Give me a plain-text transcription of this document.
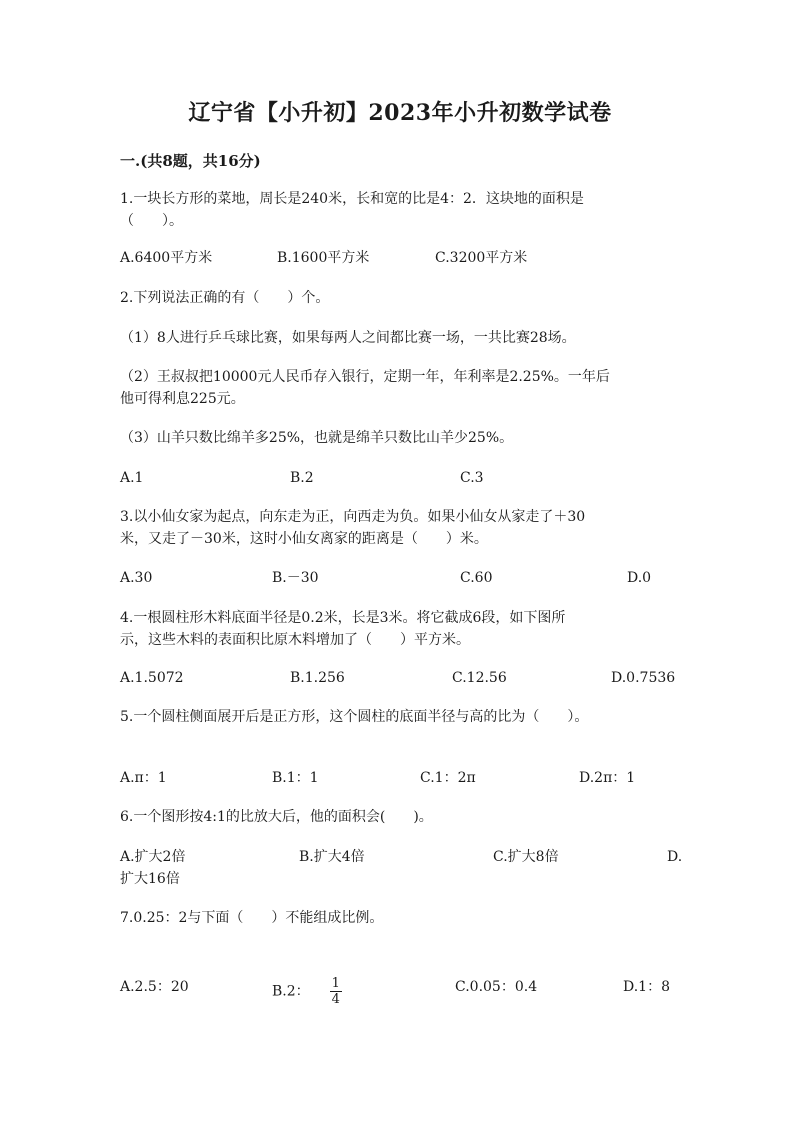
辽宁省【小升初】2023年小升初数学试卷
一.(共8题，共16分)
1.一块长方形的菜地，周长是240米，长和宽的比是4：2．这块地的面积是
（　　）。
A.6400平方米	B.1600平方米	C.3200平方米
2.下列说法正确的有（　　）个。
（1）8人进行乒乓球比赛，如果每两人之间都比赛一场，一共比赛28场。
（2）王叔叔把10000元人民币存入银行，定期一年，年利率是2.25%。一年后
他可得利息225元。
（3）山羊只数比绵羊多25%，也就是绵羊只数比山羊少25%。
A.1	B.2	C.3
3.以小仙女家为起点，向东走为正，向西走为负。如果小仙女从家走了＋30
米，又走了－30米，这时小仙女离家的距离是（　　）米。
A.30	B.－30	C.60	D.0
4.一根圆柱形木料底面半径是0.2米，长是3米。将它截成6段，如下图所
示，这些木料的表面积比原木料增加了（　　）平方米。
A.1.5072	B.1.256	C.12.56	D.0.7536
5.一个圆柱侧面展开后是正方形，这个圆柱的底面半径与高的比为（　　）。
A.π：1	B.1：1	C.1：2π	D.2π：1
6.一个图形按4:1的比放大后，他的面积会(　　)。
A.扩大2倍	B.扩大4倍	C.扩大8倍	D.
扩大16倍
7.0.25：2与下面（　　）不能组成比例。
A.2.5：20	B.2： $\frac{1}{4}$	C.0.05：0.4	D.1：8
